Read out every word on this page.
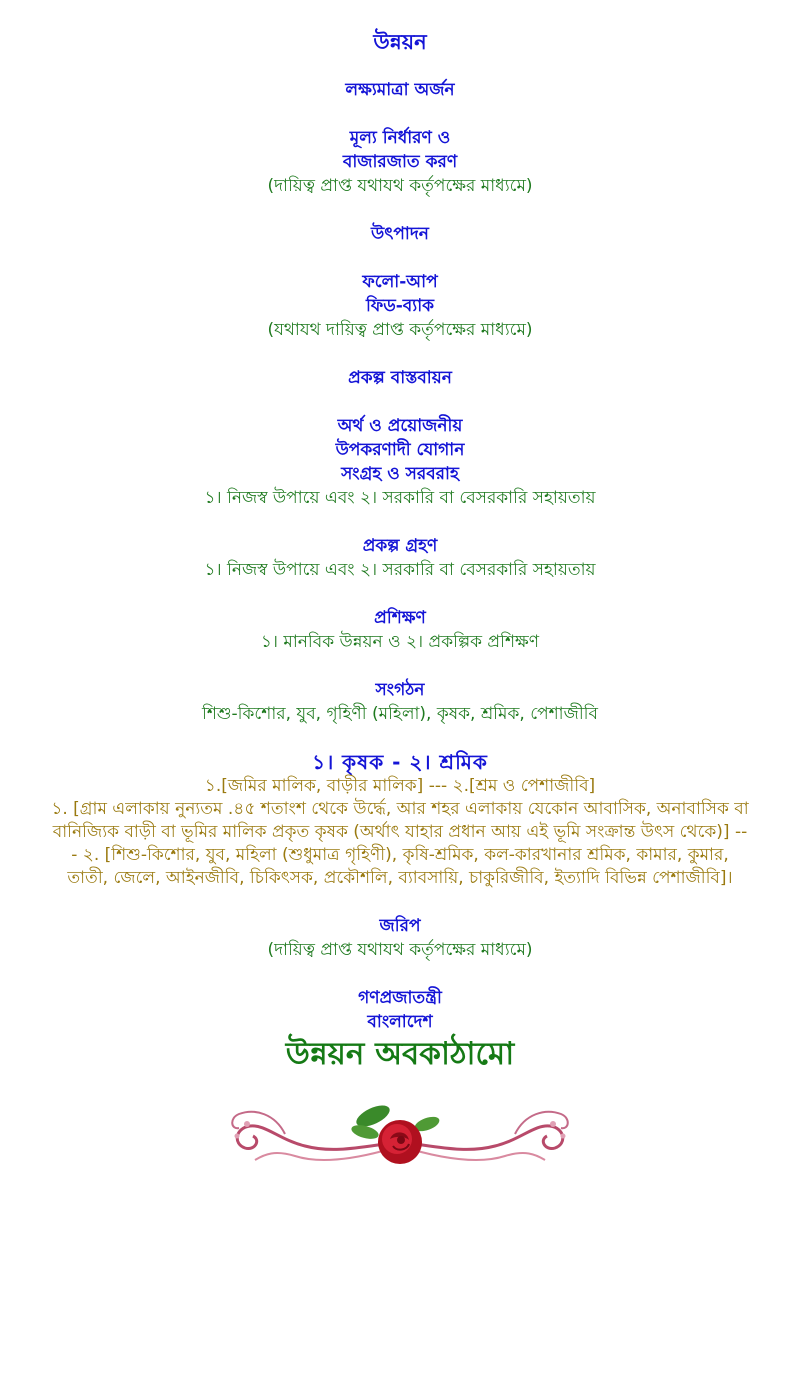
উন্নয়ন

লক্ষ্যমাত্রা অর্জন

মূল্য নির্ধারণ ও

বাজারজাত করণ

(দায়িত্ব প্রাপ্ত যথাযথ কর্তৃপক্ষের মাধ্যমে)

উৎপাদন

ফলো-আপ

ফিড-ব্যাক

(যথাযথ দায়িত্ব প্রাপ্ত কর্তৃপক্ষের মাধ্যমে)

প্রকল্প বাস্তবায়ন

অর্থ ও প্রয়োজনীয়

উপকরণাদী যোগান

সংগ্রহ ও সরবরাহ

১। নিজস্ব উপায়ে এবং ২। সরকারি বা বেসরকারি সহায়তায়

প্রকল্প গ্রহণ

১। নিজস্ব উপায়ে এবং ২। সরকারি বা বেসরকারি সহায়তায়

প্রশিক্ষণ

১। মানবিক উন্নয়ন ও ২। প্রকল্পিক প্রশিক্ষণ

সংগঠন

শিশু-কিশোর, যুব, গৃহিণী (মহিলা), কৃষক, শ্রমিক, পেশাজীবি

১। কৃষক - ২। শ্রমিক

১.[জমির মালিক, বাড়ীর মালিক] --- ২.[শ্রম ও পেশাজীবি]

১. [গ্রাম এলাকায় নুন্যতম .৪৫ শতাংশ থেকে উর্দ্ধে, আর শহর এলাকায় যেকোন আবাসিক, অনাবাসিক বা বানিজ্যিক বাড়ী বা ভূমির মালিক প্রকৃত কৃষক (অর্থাৎ যাহার প্রধান আয় এই ভূমি সংক্রান্ত উৎস থেকে)] --- ২. [শিশু-কিশোর, যুব, মহিলা (শুধুমাত্র গৃহিণী), কৃষি-শ্রমিক, কল-কারখানার শ্রমিক, কামার, কুমার, তাতী, জেলে, আইনজীবি, চিকিৎসক, প্রকৌশলি, ব্যাবসায়ি, চাকুরিজীবি, ইত্যাদি বিভিন্ন পেশাজীবি]।

জরিপ

(দায়িত্ব প্রাপ্ত যথাযথ কর্তৃপক্ষের মাধ্যমে)

গণপ্রজাতন্ত্রী

বাংলাদেশ

উন্নয়ন অবকাঠামো
